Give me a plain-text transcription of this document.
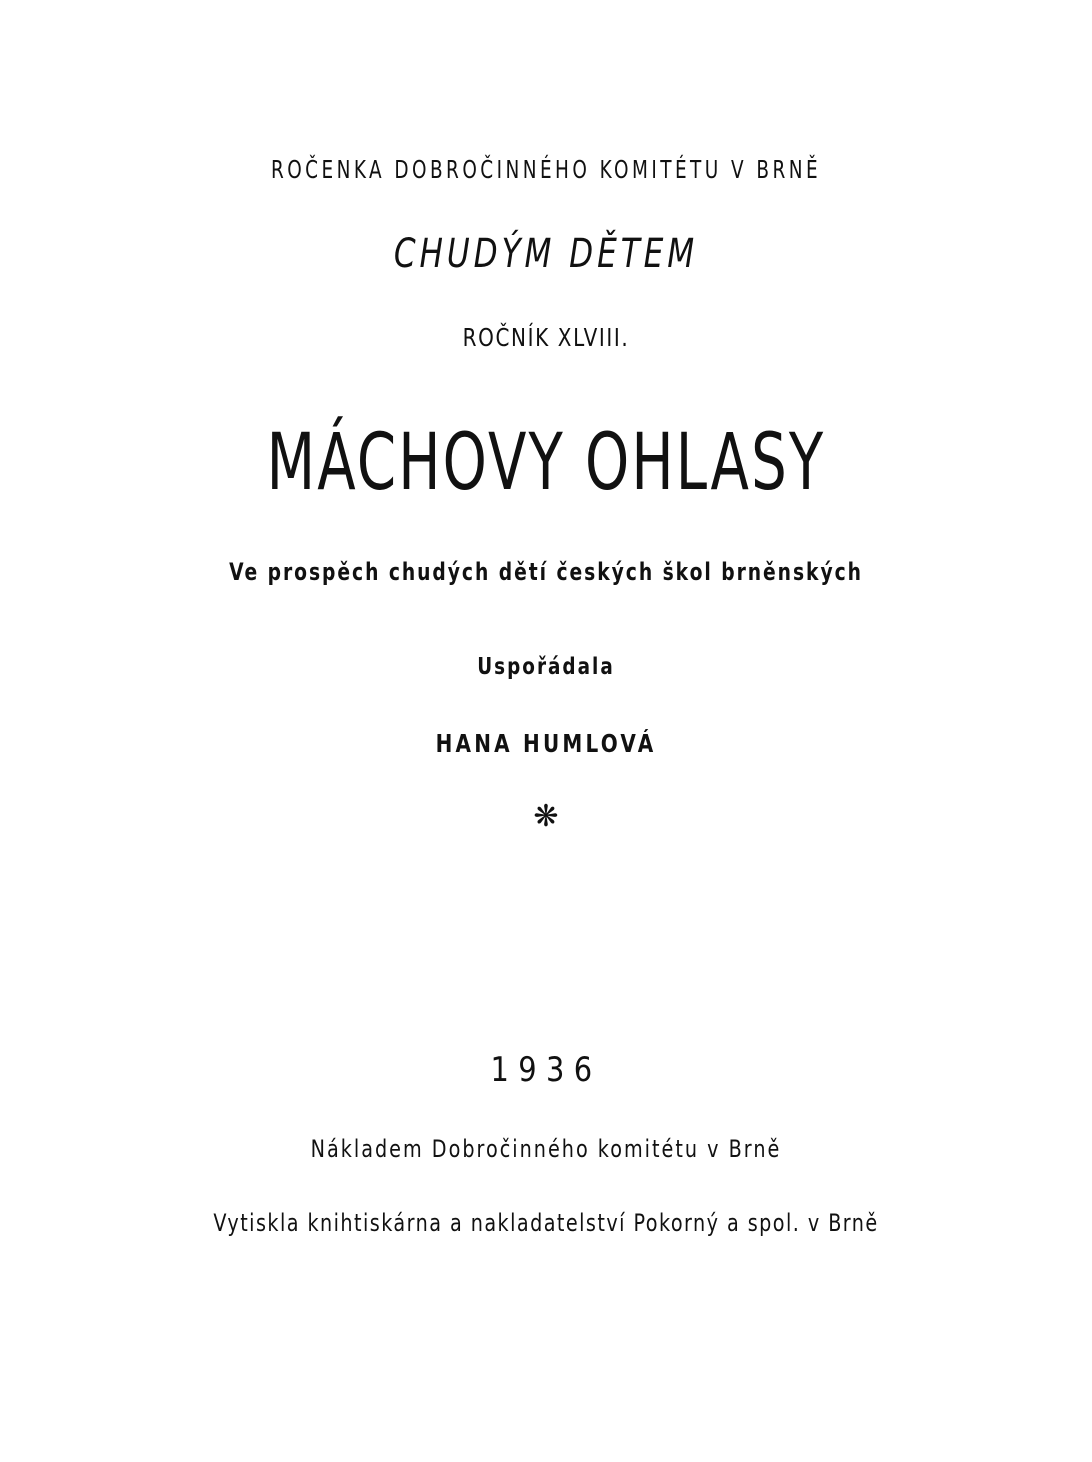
ROČENKA DOBROČINNÉHO KOMITÉTU V BRNĚ
CHUDÝM DĚTEM
ROČNÍK XLVIII.
MÁCHOVY OHLASY
Ve prospěch chudých dětí českých škol brněnských
Uspořádala
HANA HUMLOVÁ
❋
1936
Nákladem Dobročinného komitétu v Brně
Vytiskla knihtiskárna a nakladatelství Pokorný a spol. v Brně
